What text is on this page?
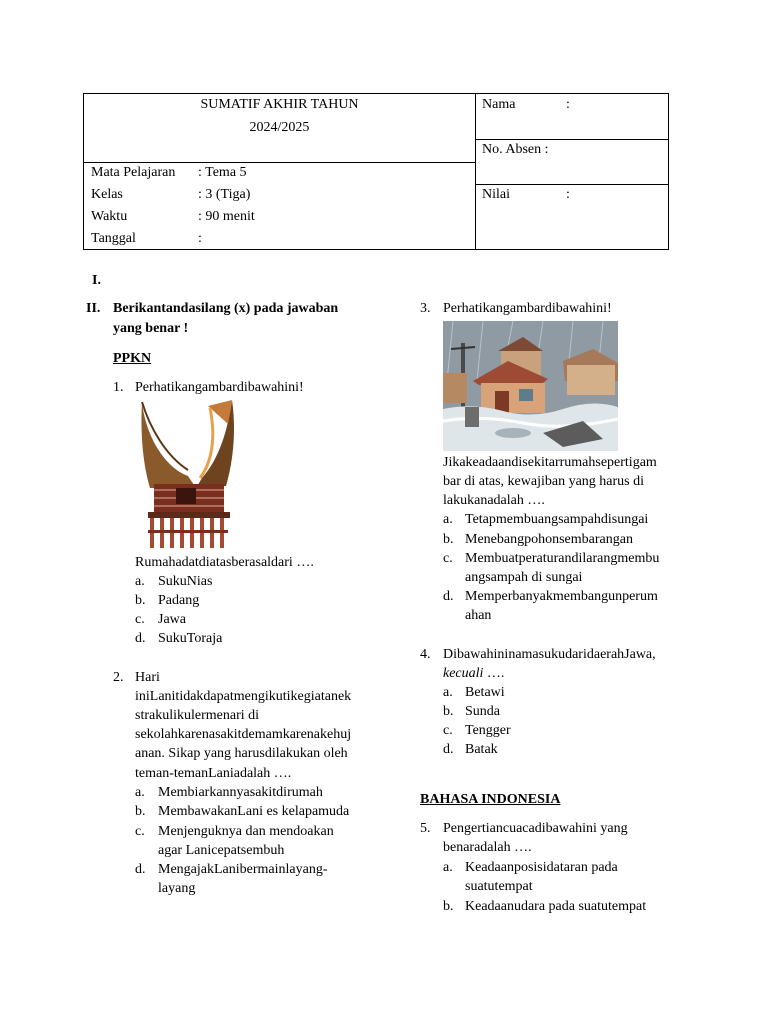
SUMATIF AKHIR TAHUN
2024/2025
Mata Pelajaran : Tema 5
Kelas	: 3 (Tiga)
Waktu	: 90 menit
Tanggal	:
Nama	:
No. Absen :
Nilai	:
I.
II. Berikantandasilang (x) pada jawaban
yang benar !
PPKN
1. Perhatikangambardibawahini!
Rumahadatdiatasberasaldari ….
a. SukuNias
b. Padang
c. Jawa
d. SukuToraja
2. Hari
iniLanitidakdapatmengikutikegiatanek
strakulikulermenari di
sekolahkarenasakitdemamkarenakehuj
anan. Sikap yang harusdilakukan oleh
teman-temanLaniadalah ….
a. Membiarkannyasakitdirumah
b. MembawakanLani es kelapamuda
c. Menjenguknya dan mendoakan
agar Lanicepatsembuh
d. MengajakLanibermainlayang-
layang
3. Perhatikangambardibawahini!
Jikakeadaandisekitarrumahsepertigam
bar di atas, kewajiban yang harus di
lakukanadalah ….
a. Tetapmembuangsampahdisungai
b. Menebangpohonsembarangan
c. Membuatperaturandilarangmembu
angsampah di sungai
d. Memperbanyakmembangunperum
ahan
4. DibawahininamasukudaridaerahJawa,
kecuali ….
a. Betawi
b. Sunda
c. Tengger
d. Batak
BAHASA INDONESIA
5. Pengertiancuacadibawahini yang
benaradalah ….
a. Keadaanposisidataran pada
suatutempat
b. Keadaanudara pada suatutempat
